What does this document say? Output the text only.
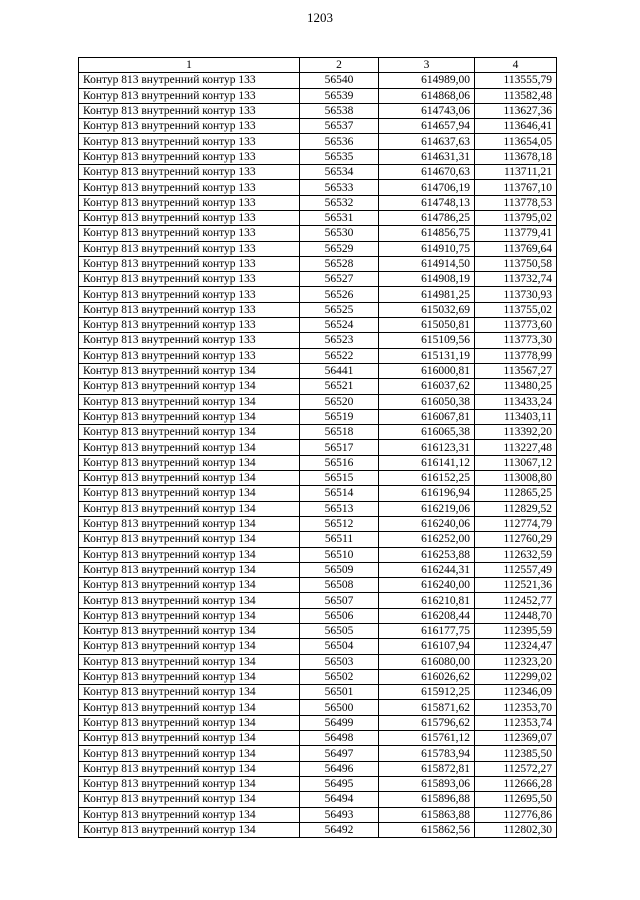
1203
1	2	3	4
Контур 813 внутренний контур 133	56540	614989,00	113555,79
Контур 813 внутренний контур 133	56539	614868,06	113582,48
Контур 813 внутренний контур 133	56538	614743,06	113627,36
Контур 813 внутренний контур 133	56537	614657,94	113646,41
Контур 813 внутренний контур 133	56536	614637,63	113654,05
Контур 813 внутренний контур 133	56535	614631,31	113678,18
Контур 813 внутренний контур 133	56534	614670,63	113711,21
Контур 813 внутренний контур 133	56533	614706,19	113767,10
Контур 813 внутренний контур 133	56532	614748,13	113778,53
Контур 813 внутренний контур 133	56531	614786,25	113795,02
Контур 813 внутренний контур 133	56530	614856,75	113779,41
Контур 813 внутренний контур 133	56529	614910,75	113769,64
Контур 813 внутренний контур 133	56528	614914,50	113750,58
Контур 813 внутренний контур 133	56527	614908,19	113732,74
Контур 813 внутренний контур 133	56526	614981,25	113730,93
Контур 813 внутренний контур 133	56525	615032,69	113755,02
Контур 813 внутренний контур 133	56524	615050,81	113773,60
Контур 813 внутренний контур 133	56523	615109,56	113773,30
Контур 813 внутренний контур 133	56522	615131,19	113778,99
Контур 813 внутренний контур 134	56441	616000,81	113567,27
Контур 813 внутренний контур 134	56521	616037,62	113480,25
Контур 813 внутренний контур 134	56520	616050,38	113433,24
Контур 813 внутренний контур 134	56519	616067,81	113403,11
Контур 813 внутренний контур 134	56518	616065,38	113392,20
Контур 813 внутренний контур 134	56517	616123,31	113227,48
Контур 813 внутренний контур 134	56516	616141,12	113067,12
Контур 813 внутренний контур 134	56515	616152,25	113008,80
Контур 813 внутренний контур 134	56514	616196,94	112865,25
Контур 813 внутренний контур 134	56513	616219,06	112829,52
Контур 813 внутренний контур 134	56512	616240,06	112774,79
Контур 813 внутренний контур 134	56511	616252,00	112760,29
Контур 813 внутренний контур 134	56510	616253,88	112632,59
Контур 813 внутренний контур 134	56509	616244,31	112557,49
Контур 813 внутренний контур 134	56508	616240,00	112521,36
Контур 813 внутренний контур 134	56507	616210,81	112452,77
Контур 813 внутренний контур 134	56506	616208,44	112448,70
Контур 813 внутренний контур 134	56505	616177,75	112395,59
Контур 813 внутренний контур 134	56504	616107,94	112324,47
Контур 813 внутренний контур 134	56503	616080,00	112323,20
Контур 813 внутренний контур 134	56502	616026,62	112299,02
Контур 813 внутренний контур 134	56501	615912,25	112346,09
Контур 813 внутренний контур 134	56500	615871,62	112353,70
Контур 813 внутренний контур 134	56499	615796,62	112353,74
Контур 813 внутренний контур 134	56498	615761,12	112369,07
Контур 813 внутренний контур 134	56497	615783,94	112385,50
Контур 813 внутренний контур 134	56496	615872,81	112572,27
Контур 813 внутренний контур 134	56495	615893,06	112666,28
Контур 813 внутренний контур 134	56494	615896,88	112695,50
Контур 813 внутренний контур 134	56493	615863,88	112776,86
Контур 813 внутренний контур 134	56492	615862,56	112802,30
